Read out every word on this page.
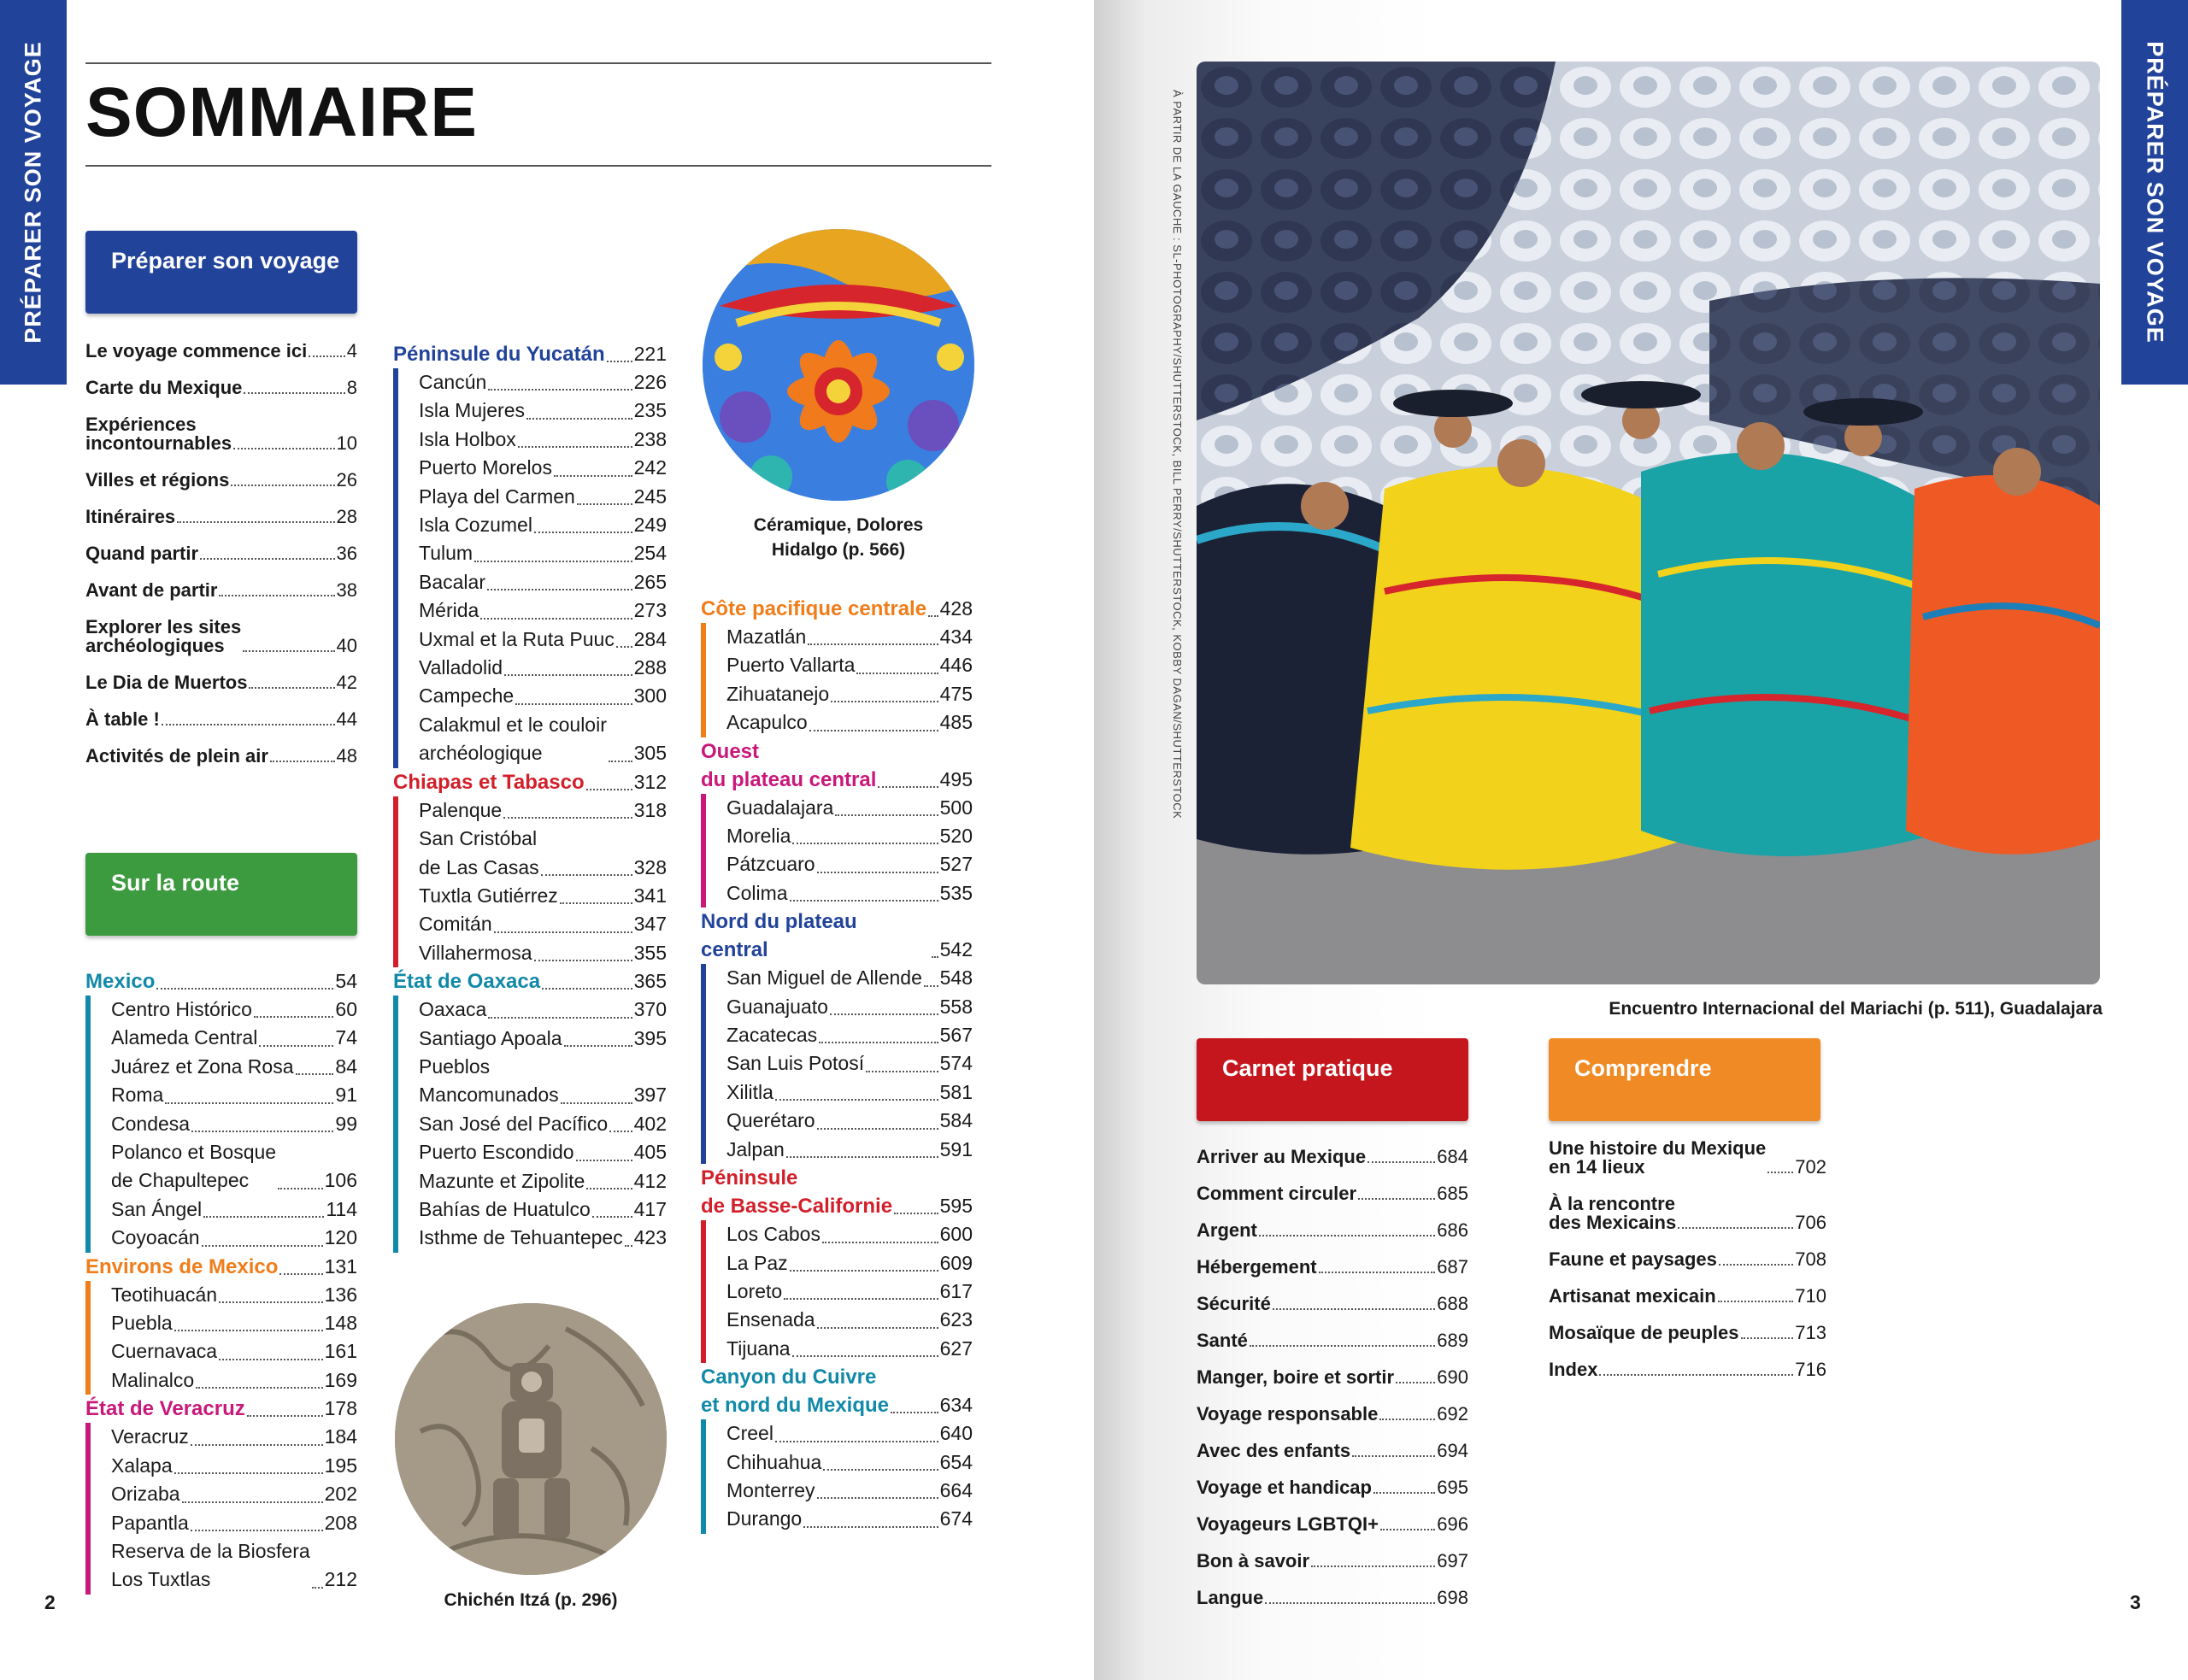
PRÉPARER SON VOYAGE SOMMAIRE
Préparer son voyage
Le voyage commence ici 4
Carte du Mexique	8
Expériences
incontournables	10
Villes et régions	26
Itinéraires	28
Quand partir	36
Avant de partir	38
Explorer les sites
archéologiques	40
Le Dia de Muertos	42
À table !	44
Activités de plein air	48
Sur la route
Mexico	54
Centro Histórico	60
Alameda Central	74
Juárez et Zona Rosa 84
Roma	91
Condesa	99
Polanco et Bosque
de Chapultepec	106
San Ángel	114
Coyoacán	120
Environs de Mexico 131
Teotihuacán	136
Puebla	148
Cuernavaca	161
Malinalco	169
État de Veracruz	178
Veracruz	184
Xalapa	195
Orizaba	202
Papantla	208
Reserva de la Biosfera
Los Tuxtlas	212
Péninsule du Yucatán 221
Cancún	226
Isla Mujeres	235
Isla Holbox	238
Puerto Morelos	242
Playa del Carmen	245
Isla Cozumel	249
Tulum	254
Bacalar	265
Mérida	273
Uxmal et la Ruta Puuc 284
Valladolid	288
Campeche	300
Calakmul et le couloir
archéologique	305
Chiapas et Tabasco	312
Palenque	318
San Cristóbal
de Las Casas	328
Tuxtla Gutiérrez	341
Comitán	347
Villahermosa	355
État de Oaxaca	365
Oaxaca	370
Santiago Apoala	395
Pueblos
Mancomunados	397
San José del Pacífico 402
Puerto Escondido	405
Mazunte et Zipolite 412
Bahías de Huatulco 417
Isthme de Tehuantepec 423
Côte pacifique centrale 428
Mazatlán	434
Puerto Vallarta	446
Zihuatanejo	475
Acapulco	485
Ouest
du plateau central	495
Guadalajara	500
Morelia	520
Pátzcuaro	527
Colima	535
Nord du plateau central	542
San Miguel de Allende 548
Guanajuato	558
Zacatecas	567
San Luis Potosí	574
Xilitla	581
Querétaro	584
Jalpan	591
Péninsule
de Basse-Californie 595
Los Cabos	600
La Paz	609
Loreto	617
Ensenada	623
Tijuana	627
Canyon du Cuivre
et nord du Mexique	634
Creel	640
Chihuahua	654
Monterrey	664
Durango	674
Céramique, Dolores
Hidalgo (p. 566)
Chichén Itzá (p. 296)
2
PRÉPARER SON VOYAGE
3
À PARTIR DE LA GAUCHE : SL-PHOTOGRAPHY/SHUTTERSTOCK, BILL PERRY/SHUTTERSTOCK, KOBBY DAGAN/SHUTTERSTOCK
Encuentro Internacional del Mariachi (p. 511), Guadalajara
Carnet pratique
Arriver au Mexique	684
Comment circuler	685
Argent	686
Hébergement	687
Sécurité	688
Santé	689
Manger, boire et sortir 690
Voyage responsable	692
Avec des enfants	694
Voyage et handicap	695
Voyageurs LGBTQI+	696
Bon à savoir	697
Langue	698
Comprendre
Une histoire du Mexique
en 14 lieux	702
À la rencontre
des Mexicains	706
Faune et paysages	708
Artisanat mexicain	710
Mosaïque de peuples	713
Index	716
